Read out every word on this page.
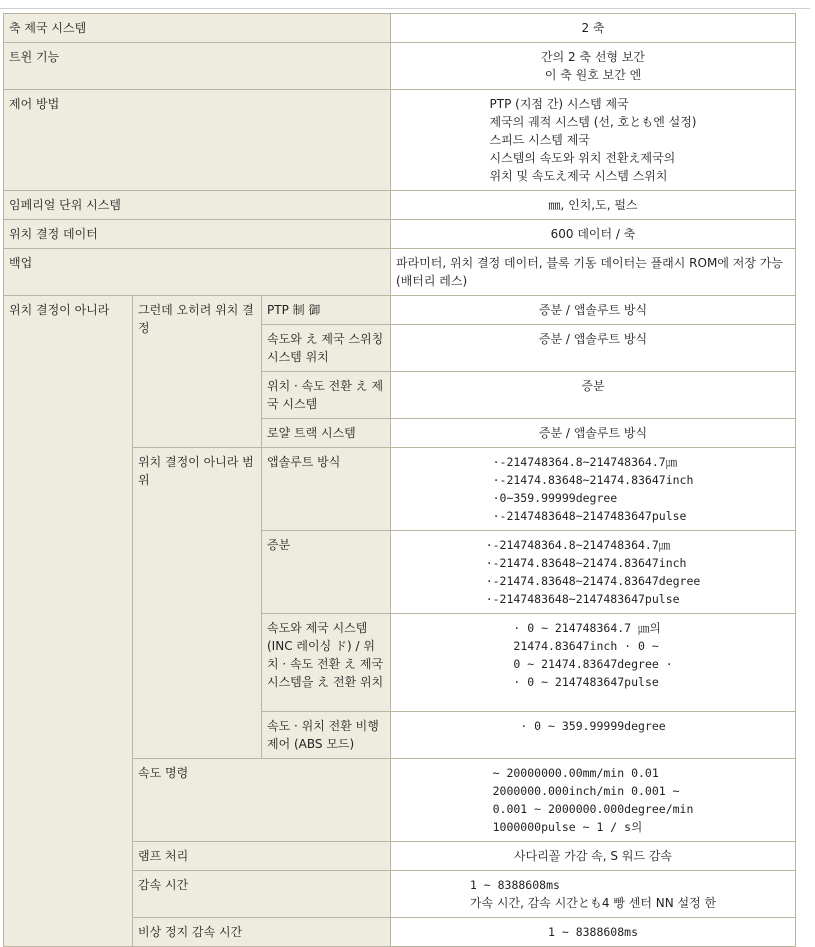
축 제국 시스템			2 축
트윈 기능			간의 2 축 선형 보간
이 축 원호 보간 엔

제어 방법			PTP (지점 간) 시스템 제국
제국의 궤적 시스템 (선, 호とも엔 설정)
스피드 시스템 제국
시스템의 속도와 위치 전환え제국의
위치 및 속도え제국 시스템 스위치

임페리얼 단위 시스템			㎜, 인치,도, 펄스
위치 결정 데이터			600 데이터 / 축
백업			파라미터, 위치 결정 데이터, 블록 기동 데이터는 플래시 ROM에 저장 가능 (배터리 레스)
위치 결정이 아니라	그런데 오히려 위치 결정	PTP 制 御	증분 / 앱솔루트 방식
		속도와 え 제국 스위칭 시스템 위치	증분 / 앱솔루트 방식
		위치 · 속도 전환 え 제국 시스템	증분
		로얄 트랙 시스템	증분 / 앱솔루트 방식
	위치 결정이 아니라 범위	앱솔루트 방식	·-214748364.8~214748364.7㎛
·-21474.83648~21474.83647inch
·0~359.99999degree
·-2147483648~2147483647pulse

		증분	·-214748364.8~214748364.7㎛
·-21474.83648~21474.83647inch
·-21474.83648~21474.83647degree
·-2147483648~2147483647pulse

		속도와 제국 시스템 (INC 레이싱 ド) / 위치 · 속도 전환 え 제국 시스템을 え 전환 위치	· 0 ~ 214748364.7 ㎛의
21474.83647inch · 0 ~
0 ~ 21474.83647degree ·
· 0 ~ 2147483647pulse

		속도 · 위치 전환 비행 제어 (ABS 모드)	· 0 ~ 359.99999degree
	속도 명령		~ 20000000.00mm/min 0.01
2000000.000inch/min 0.001 ~
0.001 ~ 2000000.000degree/min
1000000pulse ~ 1 / s의

	램프 처리		사다리꼴 가감 속, S 워드 감속
	감속 시간		1 ~ 8388608ms
가속 시간, 감속 시간とも4 빵 센터 NN 설정 한

	비상 정지 감속 시간		1 ~ 8388608ms
